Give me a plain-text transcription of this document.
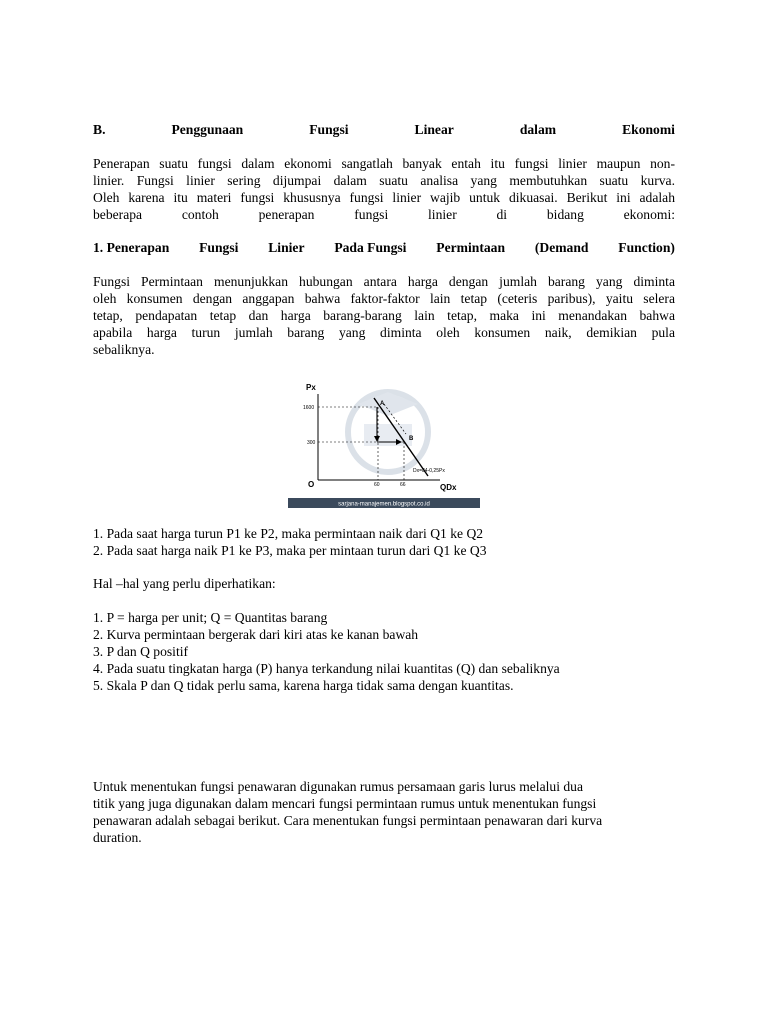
B.	Penggunaan	Fungsi	Linear	dalam	Ekonomi
Penerapan suatu fungsi dalam ekonomi sangatlah banyak entah itu fungsi linier maupun non-
linier. Fungsi linier sering dijumpai dalam suatu analisa yang membutuhkan suatu kurva.
Oleh karena itu materi fungsi khususnya fungsi linier wajib untuk dikuasai. Berikut ini adalah
beberapa contoh penerapan fungsi linier di bidang ekonomi:
1. Penerapan Fungsi Linier Pada Fungsi Permintaan (Demand Function)
Fungsi Permintaan menunjukkan hubungan antara harga dengan jumlah barang yang diminta
oleh konsumen dengan anggapan bahwa faktor-faktor lain tetap (ceteris paribus), yaitu selera
tetap, pendapatan tetap dan harga barang-barang lain tetap, maka ini menandakan bahwa
apabila harga turun jumlah barang yang diminta oleh konsumen naik, demikian pula
sebaliknya.
Px
QDx
O
1600
300
60	66
A
B
Dx=84-0,25Px
sarjana-manajemen.blogspot.co.id
1. Pada saat harga turun P1 ke P2, maka permintaan naik dari Q1 ke Q2
2. Pada saat harga naik P1 ke P3, maka per mintaan turun dari Q1 ke Q3
Hal –hal yang perlu diperhatikan:
1. P = harga per unit; Q = Quantitas barang
2. Kurva permintaan bergerak dari kiri atas ke kanan bawah
3. P dan Q positif
4. Pada suatu tingkatan harga (P) hanya terkandung nilai kuantitas (Q) dan sebaliknya
5. Skala P dan Q tidak perlu sama, karena harga tidak sama dengan kuantitas.
Untuk menentukan fungsi penawaran digunakan rumus persamaan garis lurus melalui dua
titik yang juga digunakan dalam mencari fungsi permintaan rumus untuk menentukan fungsi
penawaran adalah sebagai berikut. Cara menentukan fungsi permintaan penawaran dari kurva
duration.
